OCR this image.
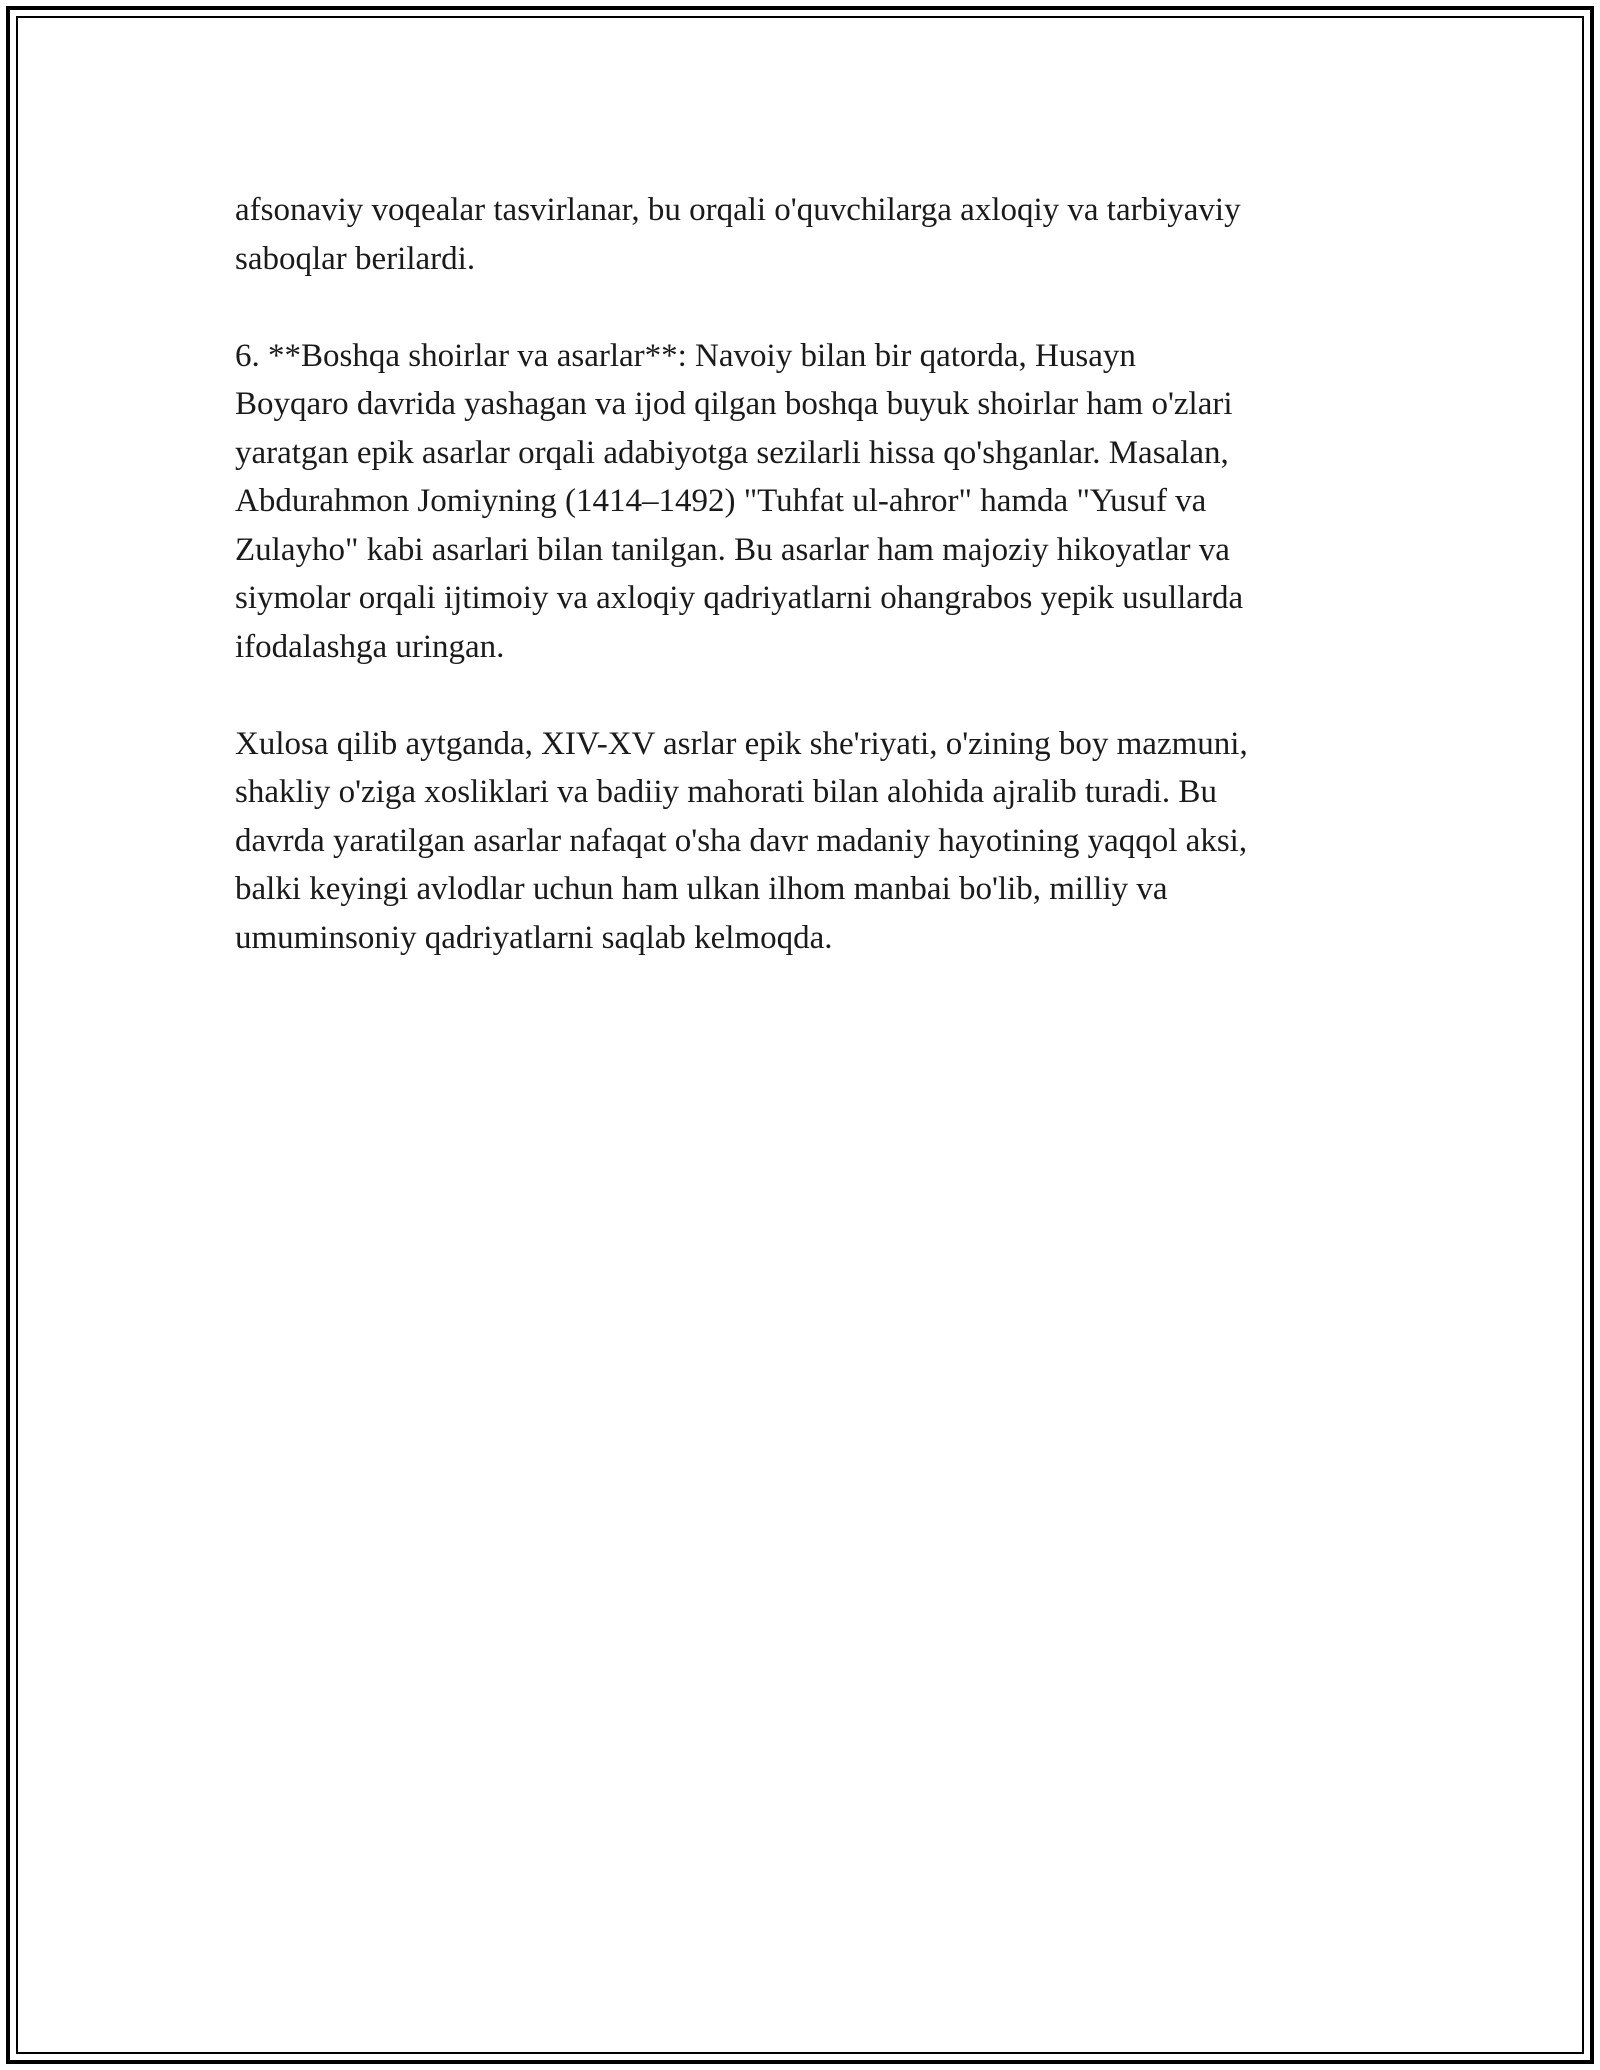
afsonaviy voqealar tasvirlanar, bu orqali o'quvchilarga axloqiy va tarbiyaviy
saboqlar berilardi.
6. **Boshqa shoirlar va asarlar**: Navoiy bilan bir qatorda, Husayn
Boyqaro davrida yashagan va ijod qilgan boshqa buyuk shoirlar ham o'zlari
yaratgan epik asarlar orqali adabiyotga sezilarli hissa qo'shganlar. Masalan,
Abdurahmon Jomiyning (1414–1492) "Tuhfat ul-ahror" hamda "Yusuf va
Zulayho" kabi asarlari bilan tanilgan. Bu asarlar ham majoziy hikoyatlar va
siymolar orqali ijtimoiy va axloqiy qadriyatlarni ohangrabos yepik usullarda
ifodalashga uringan.
Xulosa qilib aytganda, XIV-XV asrlar epik she'riyati, o'zining boy mazmuni,
shakliy o'ziga xosliklari va badiiy mahorati bilan alohida ajralib turadi. Bu
davrda yaratilgan asarlar nafaqat o'sha davr madaniy hayotining yaqqol aksi,
balki keyingi avlodlar uchun ham ulkan ilhom manbai bo'lib, milliy va
umuminsoniy qadriyatlarni saqlab kelmoqda.
